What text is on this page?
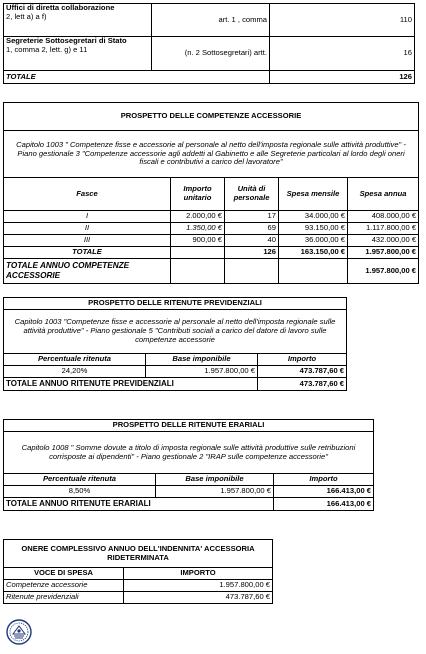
Uffici di diretta collaborazione
2, lett a) a f)	art. 1 , comma	110
Segreterie Sottosegretari di Stato
1, comma 2, lett. g) e 11	(n. 2 Sottosegretari) artt.	16
TOTALE		126
PROSPETTO DELLE COMPETENZE ACCESSORIE				
Capitolo 1003 " Competenze fisse e accessorie al personale al netto dell'imposta regionale sulle attività produttive" - Piano gestionale 3 "Competenze accessorie agli addetti al Gabinetto e alle Segreterie particolari al lordo degli oneri fiscali e contributivi a carico del lavoratore"				
Fasce	Importo unitario	Unità di personale	Spesa mensile	Spesa annua
I	2.000,00 €	17	34.000,00 €	408.000,00 €
II	1.350,00 €	69	93.150,00 €	1.117.800,00 €
III	900,00 €	40	36.000,00 €	432.000,00 €
TOTALE		126	163.150,00 €	1.957.800,00 €
TOTALE ANNUO COMPETENZE ACCESSORIE				1.957.800,00 €
PROSPETTO DELLE RITENUTE PREVIDENZIALI		
Capitolo 1003 "Competenze fisse e accessorie al personale al netto dell'imposta regionale sulle attività produttive" - Piano gestionale 5 "Contributi sociali a carico del datore di lavoro sulle competenze accessorie		
Percentuale ritenuta	Base imponibile	Importo
24,20%	1.957.800,00 €	473.787,60 €
TOTALE ANNUO RITENUTE PREVIDENZIALI		473.787,60 €
PROSPETTO DELLE RITENUTE ERARIALI		
Capitolo 1008 " Somme dovute a titolo di imposta regionale sulle attività produttive sulle retribuzioni corrisposte ai dipendenti" - Piano gestionale 2 "IRAP sulle competenze accessorie"		
Percentuale ritenuta	Base imponibile	Importo
8,50%	1.957.800,00 €	166.413,00 €
TOTALE ANNUO RITENUTE ERARIALI		166.413,00 €
ONERE COMPLESSIVO ANNUO DELL'INDENNITA' ACCESSORIA RIDETERMINATA	
VOCE DI SPESA	IMPORTO
Competenze accessorie	1.957.800,00 €
Ritenute previdenziali	473.787,60 €
